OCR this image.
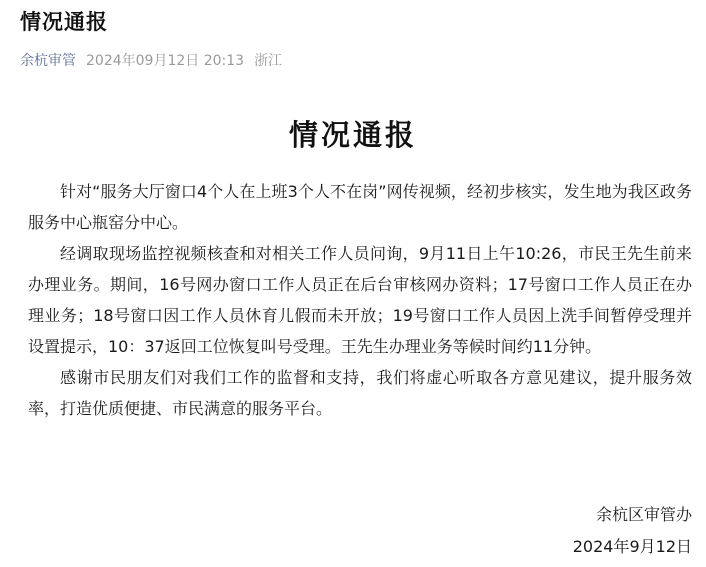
情况通报
余杭审管 2024年09月12日 20:13 浙江
情况通报

针对“服务大厅窗口4个人在上班3个人不在岗”网传视频，经初步核实，发生地为我区政务服务中心瓶窑分中心。

经调取现场监控视频核查和对相关工作人员问询，9月11日上午10:26，市民王先生前来办理业务。期间，16号网办窗口工作人员正在后台审核网办资料；17号窗口工作人员正在办理业务；18号窗口因工作人员休育儿假而未开放；19号窗口工作人员因上洗手间暂停受理并设置提示，10：37返回工位恢复叫号受理。王先生办理业务等候时间约11分钟。

感谢市民朋友们对我们工作的监督和支持，我们将虚心听取各方意见建议，提升服务效率，打造优质便捷、市民满意的服务平台。

余杭区审管办
2024年9月12日
